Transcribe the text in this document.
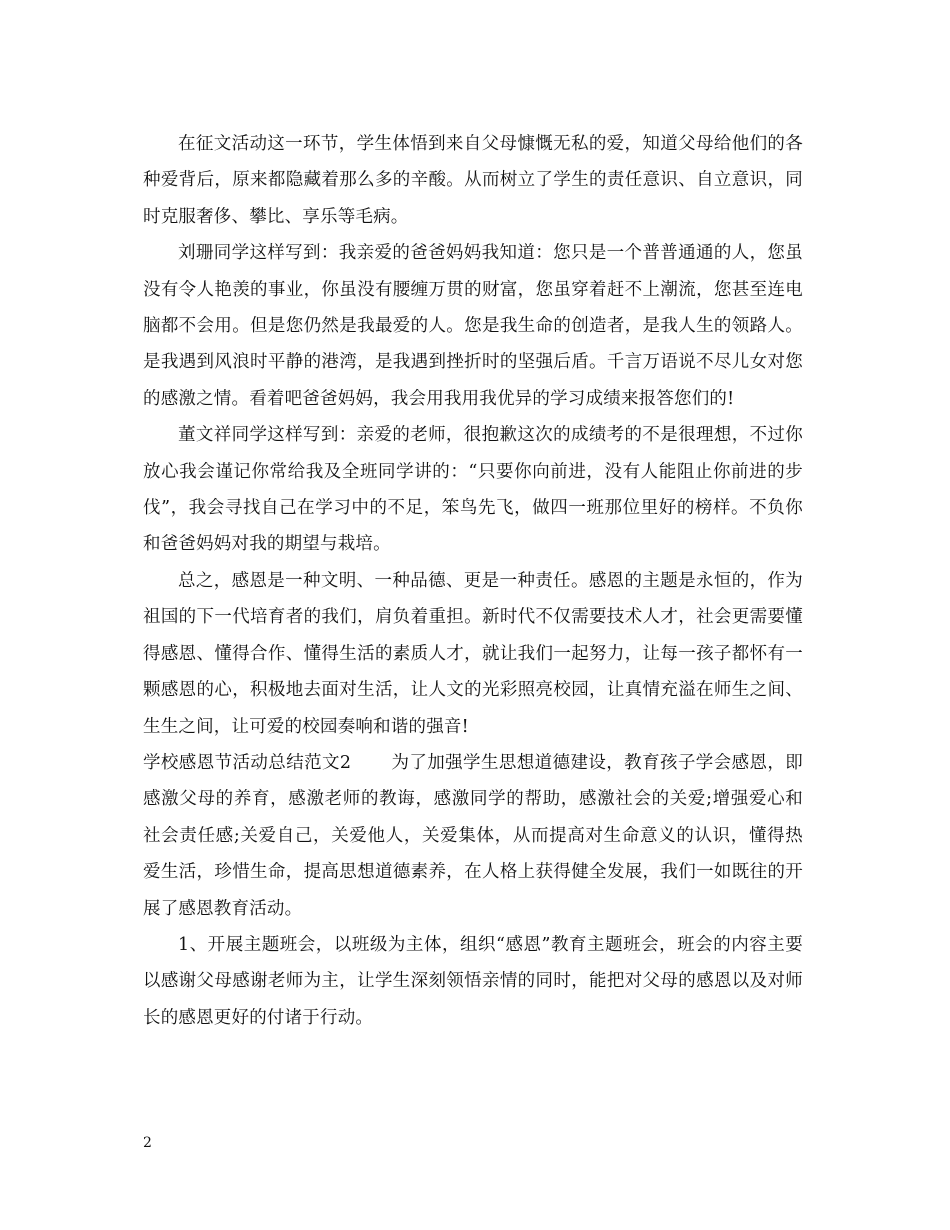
在征文活动这一环节，学生体悟到来自父母慷慨无私的爱，知道父母给他们的各种爱背后，原来都隐藏着那么多的辛酸。从而树立了学生的责任意识、自立意识，同时克服奢侈、攀比、享乐等毛病。

刘珊同学这样写到：我亲爱的爸爸妈妈我知道：您只是一个普普通通的人，您虽没有令人艳羡的事业，你虽没有腰缠万贯的财富，您虽穿着赶不上潮流，您甚至连电脑都不会用。但是您仍然是我最爱的人。您是我生命的创造者，是我人生的领路人。是我遇到风浪时平静的港湾，是我遇到挫折时的坚强后盾。千言万语说不尽儿女对您的感激之情。看着吧爸爸妈妈，我会用我用我优异的学习成绩来报答您们的!

董文祥同学这样写到：亲爱的老师，很抱歉这次的成绩考的不是很理想，不过你放心我会谨记你常给我及全班同学讲的：“只要你向前进，没有人能阻止你前进的步伐”，我会寻找自己在学习中的不足，笨鸟先飞，做四一班那位里好的榜样。不负你和爸爸妈妈对我的期望与栽培。

总之，感恩是一种文明、一种品德、更是一种责任。感恩的主题是永恒的，作为祖国的下一代培育者的我们，肩负着重担。新时代不仅需要技术人才，社会更需要懂得感恩、懂得合作、懂得生活的素质人才，就让我们一起努力，让每一孩子都怀有一颗感恩的心，积极地去面对生活，让人文的光彩照亮校园，让真情充溢在师生之间、生生之间，让可爱的校园奏响和谐的强音!

学校感恩节活动总结范文2 为了加强学生思想道德建设，教育孩子学会感恩，即感激父母的养育，感激老师的教诲，感激同学的帮助，感激社会的关爱;增强爱心和社会责任感;关爱自己，关爱他人，关爱集体，从而提高对生命意义的认识，懂得热爱生活，珍惜生命，提高思想道德素养，在人格上获得健全发展，我们一如既往的开展了感恩教育活动。

1、开展主题班会，以班级为主体，组织“感恩”教育主题班会，班会的内容主要以感谢父母感谢老师为主，让学生深刻领悟亲情的同时，能把对父母的感恩以及对师长的感恩更好的付诸于行动。

2
